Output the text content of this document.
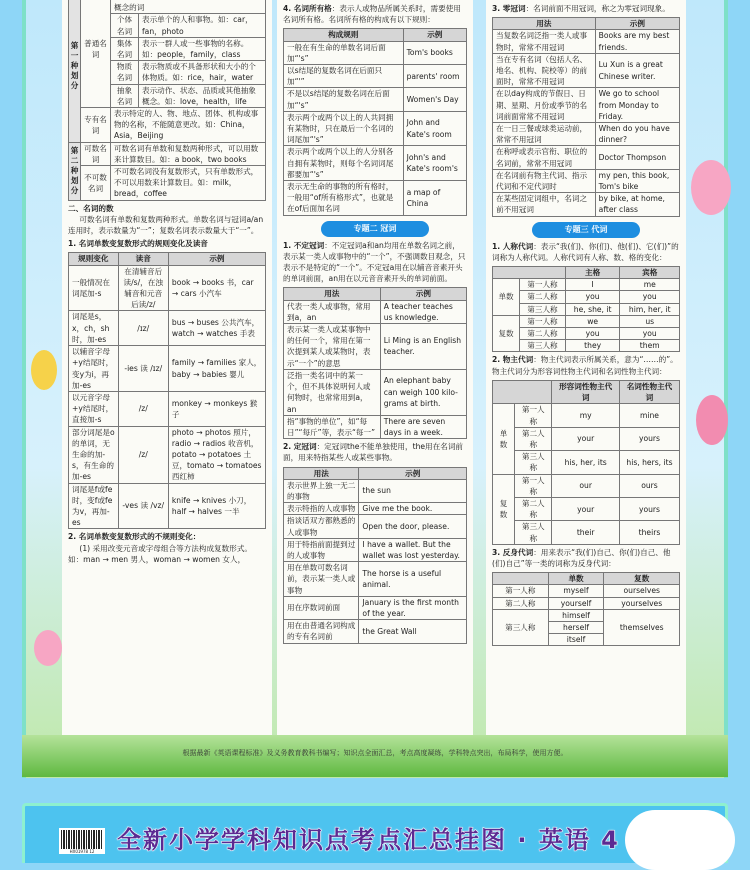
第一种划分	普通名词	概念的词	
		个体名词	表示单个的人和事物。如：car，fan，photo
		集体名词	表示一群人或一些事物的名称。如：people，family，class
		物质名词	表示物质或不具备形状和大小的个体物质。如：rice，hair，water
		抽象名词	表示动作、状态、品质或其他抽象概念。如：love，health，life
	专有名词	表示特定的人、物、地点、团体、机构或事物的名称，不能随意更改。如：China，Asia，Beijing	
第二种划分	可数名词	可数名词有单数和复数两种形式，可以用数来计算数目。如：a book，two books	
	不可数名词	不可数名词没有复数形式，只有单数形式，不可以用数来计算数目。如：milk，bread，coffee	
二、名词的数
可数名词有单数和复数两种形式。单数名词与冠词a/an连用时，表示数量为“一”；复数名词表示数量大于“一”。
1. 名词单数变复数形式的规则变化及读音
规则变化	读音	示例
一般情况在词尾加-s	在清辅音后读/s/，在浊辅音和元音后读/z/	book → books 书，car → cars 小汽车
词尾是s，x，ch，sh时，加-es	/ɪz/	bus → buses 公共汽车，watch → watches 手表
以辅音字母+y结尾时，变y为i，再加-es	-ies 读 /ɪz/	family → families 家人，baby → babies 婴儿
以元音字母+y结尾时，直接加-s	/z/	monkey → monkeys 猴子
部分词尾是o的单词，无生命的加-s，有生命的加-es	/z/	photo → photos 照片，radio → radios 收音机，potato → potatoes 土豆，tomato → tomatoes 西红柿
词尾是f或fe时，变f或fe为v，再加-es	-ves 读 /vz/	knife → knives 小刀，half → halves 一半
2. 名词单数变复数形式的不规则变化：
(1) 采用改变元音或字母组合等方法构成复数形式。如：man → men 男人，woman → women 女人，
4. 名词所有格：表示人或物品所属关系时，需要使用名词所有格。名词所有格的构成有以下规则：
构成规则	示例
一般在有生命的单数名词后面加“'s”	Tom's books
以s结尾的复数名词在后面只加“'”	parents' room
不是以s结尾的复数名词在后面加“'s”	Women's Day
表示两个或两个以上的人共同拥有某物时，只在最后一个名词的词尾加“'s”	John and Kate's room
表示两个或两个以上的人分别各自拥有某物时，则每个名词词尾都要加“'s”	John's and Kate's room's
表示无生命的事物的所有格时，一般用“of所有格形式”，也就是在of后面加名词	a map of China
专题二 冠词
1. 不定冠词：不定冠词a和an均用在单数名词之前，表示某一类人或事物中的“一个”，不强调数目观念，只表示不是特定的“一个”。不定冠a用在以辅音音素开头的单词前面，an用在以元音音素开头的单词前面。
用法	示例
代表一类人或事物，常用到a，an	A teacher teaches us knowledge.
表示某一类人或某事物中的任何一个，常用在第一次提到某人或某物时，表示“一个”的意思	Li Ming is an English teacher.
泛指一类名词中的某一个，但不具体说明何人或何物时，也常常用到a，an	An elephant baby can weigh 100 kilo-grams at birth.
指“事物的单位”，如“每日”“每斤”等，表示“每一”	There are seven days in a week.
2. 定冠词：定冠词the不能单独使用，the用在名词前面，用来特指某些人或某些事物。
用法	示例
表示世界上独一无二的事物	the sun
表示特指的人或事物	Give me the book.
指谈话双方都熟悉的人或事物	Open the door, please.
用于特指前面提到过的人或事物	I have a wallet. But the wallet was lost yesterday.
用在单数可数名词前，表示某一类人或事物	The horse is a useful animal.
用在序数词前面	January is the first month of the year.
用在由普通名词构成的专有名词前	the Great Wall
3. 零冠词：名词前面不用冠词，称之为零冠词现象。
用法	示例
当复数名词泛指一类人或事物时，常常不用冠词	Books are my best friends.
当在专有名词（包括人名、地名、机构、院校等）的前面时，常常不用冠词	Lu Xun is a great Chinese writer.
在以day构成的节假日、日期、星期、月份或季节的名词前面常常不用冠词	We go to school from Monday to Friday.
在一日三餐或球类运动前，常常不用冠词	When do you have dinner?
在称呼或表示官衔、职位的名词前，常常不用冠词	Doctor Thompson
在名词前有物主代词、指示代词和不定代词时	my pen, this book, Tom's bike
在某些固定词组中，名词之前不用冠词	by bike, at home, after class
专题三 代词
1. 人称代词：表示“我(们)、你(们)、他(们)、它(们)”的词称为人称代词。人称代词有人称、数、格的变化：
		主格	宾格
单数	第一人称	I	me
	第二人称	you	you
	第三人称	he, she, it	him, her, it
复数	第一人称	we	us
	第二人称	you	you
	第三人称	they	them
2. 物主代词：物主代词表示所属关系，意为“……的”。物主代词分为形容词性物主代词和名词性物主代词：
		形容词性物主代词	名词性物主代词
单数	第一人称	my	mine
	第二人称	your	yours
	第三人称	his, her, its	his, hers, its
复数	第一人称	our	ours
	第二人称	your	yours
	第三人称	their	theirs
3. 反身代词：用来表示“我(们)自己、你(们)自己、他(们)自己”等一类的词称为反身代词：
	单数	复数
第一人称	myself	ourselves
第二人称	yourself	yourselves
第三人称	himself	themselves
	herself	
	itself	
根据最新《英语课程标准》及义务教育教科书编写；知识点全面汇总，考点高度凝练，学科特点突出，布局科学，使用方便。
HX01978 12 全新小学学科知识点考点汇总挂图 · 英语 4
